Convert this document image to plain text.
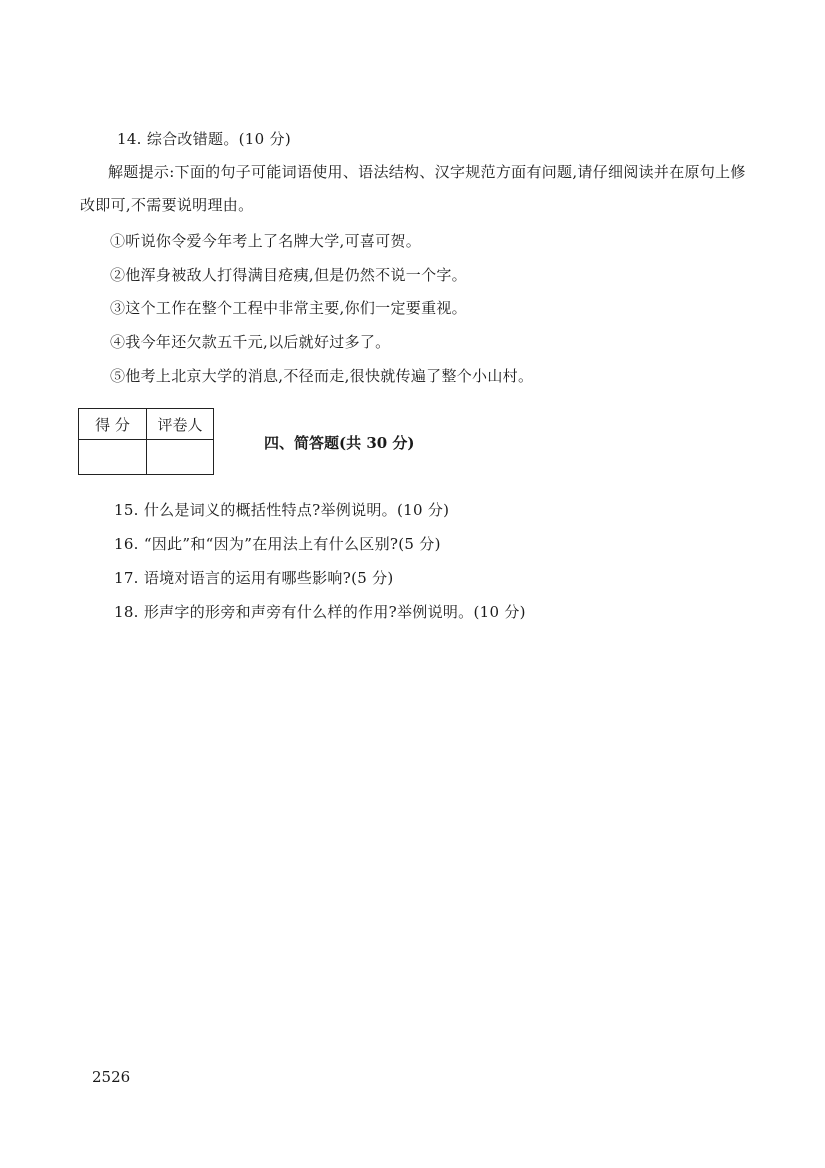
14. 综合改错题。(10 分)
解题提示:下面的句子可能词语使用、语法结构、汉字规范方面有问题,请仔细阅读并在原句上修改即可,不需要说明理由。
①听说你令爱今年考上了名牌大学,可喜可贺。
②他浑身被敌人打得满目疮痍,但是仍然不说一个字。
③这个工作在整个工程中非常主要,你们一定要重视。
④我今年还欠款五千元,以后就好过多了。
⑤他考上北京大学的消息,不径而走,很快就传遍了整个小山村。
得 分	评卷人

四、简答题(共 30 分)
15. 什么是词义的概括性特点?举例说明。(10 分)
16. “因此”和“因为”在用法上有什么区别?(5 分)
17. 语境对语言的运用有哪些影响?(5 分)
18. 形声字的形旁和声旁有什么样的作用?举例说明。(10 分)
2526
